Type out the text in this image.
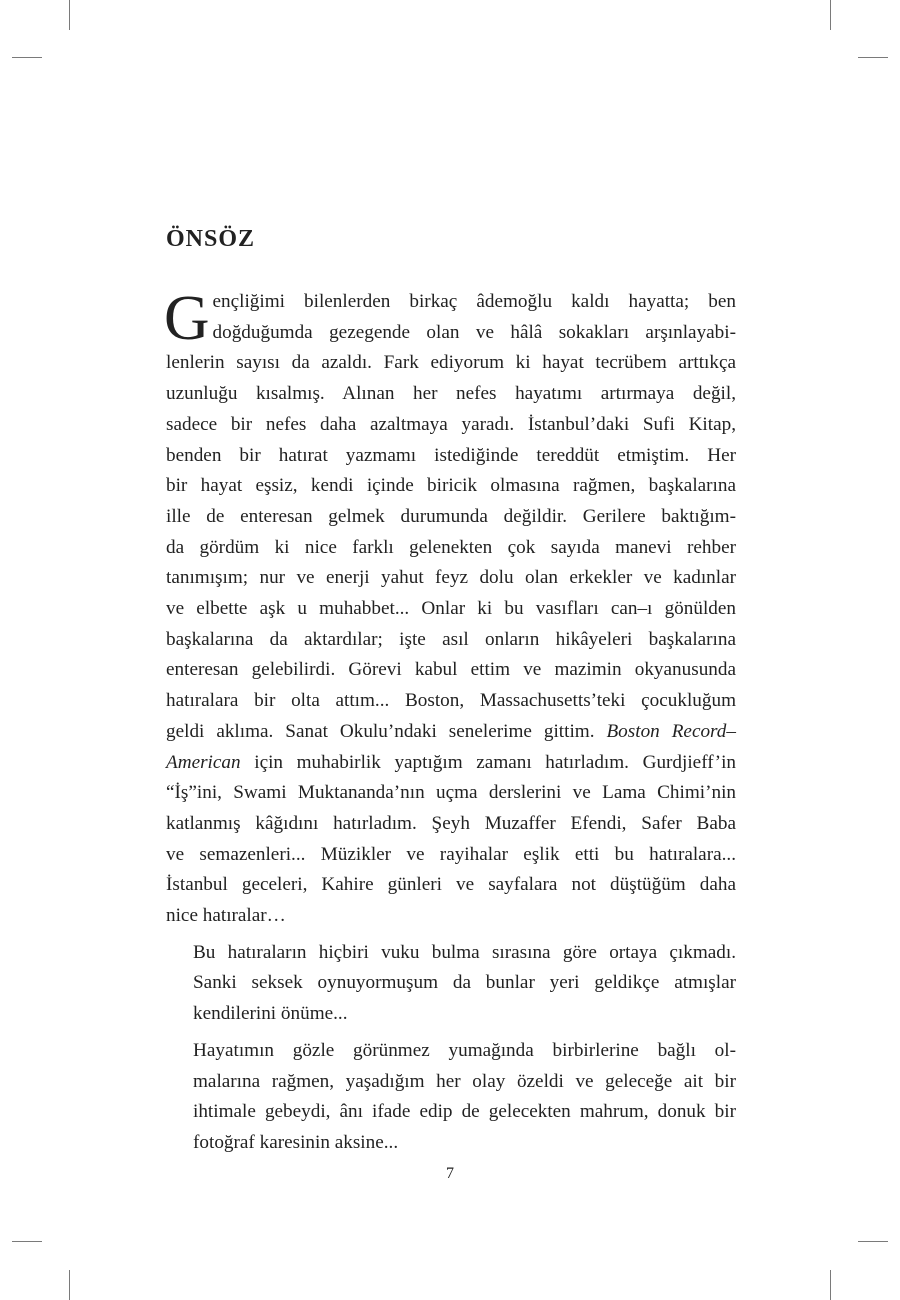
ÖNSÖZ

G ençliğimi bilenlerden birkaç âdemoğlu kaldı hayatta; ben
doğduğumda gezegende olan ve hâlâ sokakları arşınlayabi-
lenlerin sayısı da azaldı. Fark ediyorum ki hayat tecrübem arttıkça
uzunluğu kısalmış. Alınan her nefes hayatımı artırmaya değil,
sadece bir nefes daha azaltmaya yaradı. İstanbul’daki Sufi Kitap,
benden bir hatırat yazmamı istediğinde tereddüt etmiştim. Her
bir hayat eşsiz, kendi içinde biricik olmasına rağmen, başkalarına
ille de enteresan gelmek durumunda değildir. Gerilere baktığım-
da gördüm ki nice farklı gelenekten çok sayıda manevi rehber
tanımışım; nur ve enerji yahut feyz dolu olan erkekler ve kadınlar
ve elbette aşk u muhabbet... Onlar ki bu vasıfları can–ı gönülden
başkalarına da aktardılar; işte asıl onların hikâyeleri başkalarına
enteresan gelebilirdi. Görevi kabul ettim ve mazimin okyanusunda
hatıralara bir olta attım... Boston, Massachusetts’teki çocukluğum
geldi aklıma. Sanat Okulu’ndaki senelerime gittim. Boston Record–
American için muhabirlik yaptığım zamanı hatırladım. Gurdjieff’in
“İş”ini, Swami Muktananda’nın uçma derslerini ve Lama Chimi’nin
katlanmış kâğıdını hatırladım. Şeyh Muzaffer Efendi, Safer Baba
ve semazenleri... Müzikler ve rayihalar eşlik etti bu hatıralara...
İstanbul geceleri, Kahire günleri ve sayfalara not düştüğüm daha
nice hatıralar…

Bu hatıraların hiçbiri vuku bulma sırasına göre ortaya çıkmadı.
Sanki seksek oynuyormuşum da bunlar yeri geldikçe atmışlar
kendilerini önüme...

Hayatımın gözle görünmez yumağında birbirlerine bağlı ol-
malarına rağmen, yaşadığım her olay özeldi ve geleceğe ait bir
ihtimale gebeydi, ânı ifade edip de gelecekten mahrum, donuk bir
fotoğraf karesinin aksine...

7
